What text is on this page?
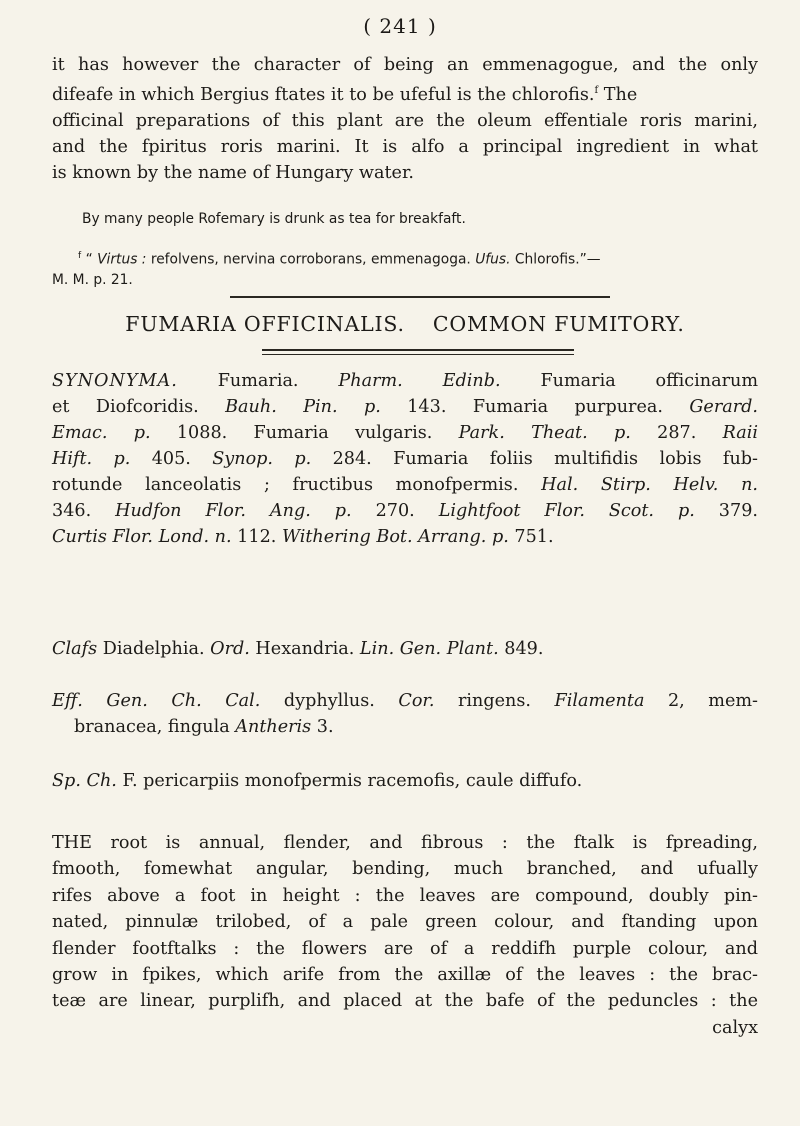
( 241 )
it has however the character of being an emmenagogue, and the only
difeafe in which Bergius ftates it to be ufeful is the chlorofis.$^f$ The
officinal preparations of this plant are the oleum effentiale roris marini,
and the fpiritus roris marini. It is alfo a principal ingredient in what
is known by the name of Hungary water.
By many people Rofemary is drunk as tea for breakfaft.
$^f$ “ Virtus : refolvens, nervina corroborans, emmenagoga. Ufus. Chlorofis.”—
M. M. p. 21.
FUMARIA OFFICINALIS. COMMON FUMITORY.
SYNONYMA. Fumaria. Pharm. Edinb. Fumaria officinarum
et Diofcoridis. Bauh. Pin. p. 143. Fumaria purpurea. Gerard.
Emac. p. 1088. Fumaria vulgaris. Park. Theat. p. 287. Raii
Hift. p. 405. Synop. p. 284. Fumaria foliis multifidis lobis fub-
rotunde lanceolatis ; fructibus monofpermis. Hal. Stirp. Helv. n.
346. Hudfon Flor. Ang. p. 270. Lightfoot Flor. Scot. p. 379.
Curtis Flor. Lond. n. 112. Withering Bot. Arrang. p. 751.
Clafs Diadelphia. Ord. Hexandria. Lin. Gen. Plant. 849.
Eff. Gen. Ch. Cal. dyphyllus. Cor. ringens. Filamenta 2, mem-
branacea, fingula Antheris 3.
Sp. Ch. F. pericarpiis monofpermis racemofis, caule diffufo.
THE root is annual, flender, and fibrous : the ftalk is fpreading,
fmooth, fomewhat angular, bending, much branched, and ufually
rifes above a foot in height : the leaves are compound, doubly pin-
nated, pinnulæ trilobed, of a pale green colour, and ftanding upon
flender footftalks : the flowers are of a reddifh purple colour, and
grow in fpikes, which arife from the axillæ of the leaves : the brac-
teæ are linear, purplifh, and placed at the bafe of the peduncles : the
calyx
